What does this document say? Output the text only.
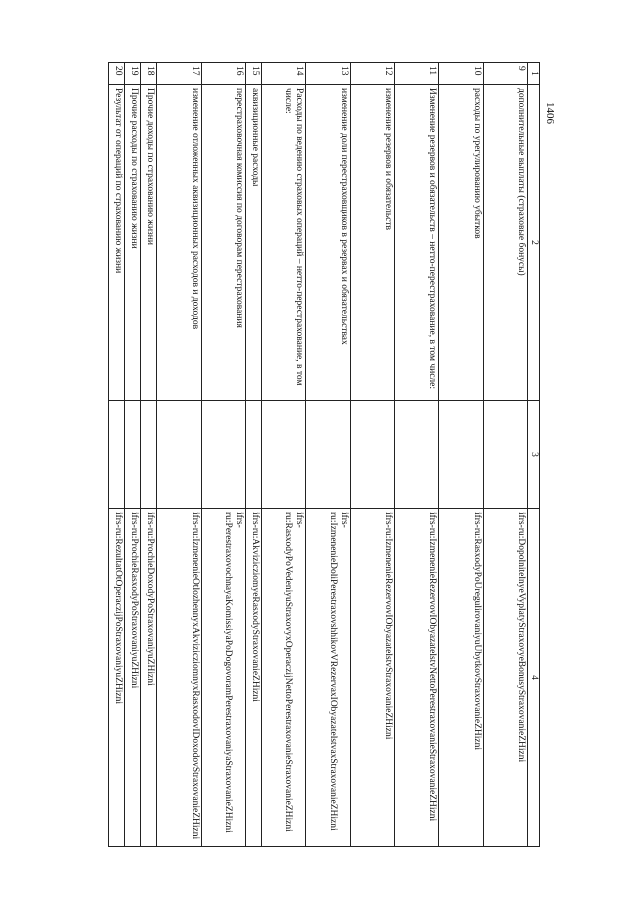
1406
1	2	3	4
9	дополнительные выплаты (страховые бонусы)		ifrs-ru:DopolnitelnyeVyplatyStraxovyeBonusyStraxovanieZHizni
10	расходы по урегулированию убытков		ifrs-ru:RasxodyPoUregulirovaniyuUbytkovStraxovanieZHizni
11	Изменение резервов и обязательств – нетто-перестрахование, в том числе:		ifrs-ru:IzmenenieRezervovIObyazatelstvNettoPerestraxovanieStraxovanieZHizni
12	изменение резервов и обязательств		ifrs-ru:IzmenenieRezervovIObyazatelstvStraxovanieZHizni
13	изменение доли перестраховщиков в резервах и обязательствах		ifrs-ru:IzmenenieDoliPerestraxovshhikovVRezervaxIObyazatelstvaxStraxovanieZHizni
14	Расходы по ведению страховых операций – нетто-перестрахование, в том числе:		ifrs-ru:RasxodyPoVedeniyuStraxovyxOperaczijNettoPerestraxovanieStraxovanieZHizni
15	аквизиционные расходы		ifrs-ru:AkvizicziomyeRasxodyStraxovanieZHizni
16	перестраховочная комиссия по договорам перестрахования		ifrs-ru:PerestraxovochnayaKomissiyaPoDogovoramPerestraxovaniyaStraxovanieZHizni
17	изменение отложенных аквизиционных расходов и доходов		ifrs-ru:IzmenenieOtlozhennyxAkvizicziomnyxRasxodovIDoxodovStraxovanieZHizni
18	Прочие доходы по страхованию жизни		ifrs-ru:ProchieDoxodyPoStraxovaniyuZHizni
19	Прочие расходы по страхованию жизни		ifrs-ru:ProchieRasxodyPoStraxovaniyuZHizni
20	Результат от операций по страхованию жизни		ifrs-ru:RezultatOtOperaczijPoStraxovaniyuZHizni
